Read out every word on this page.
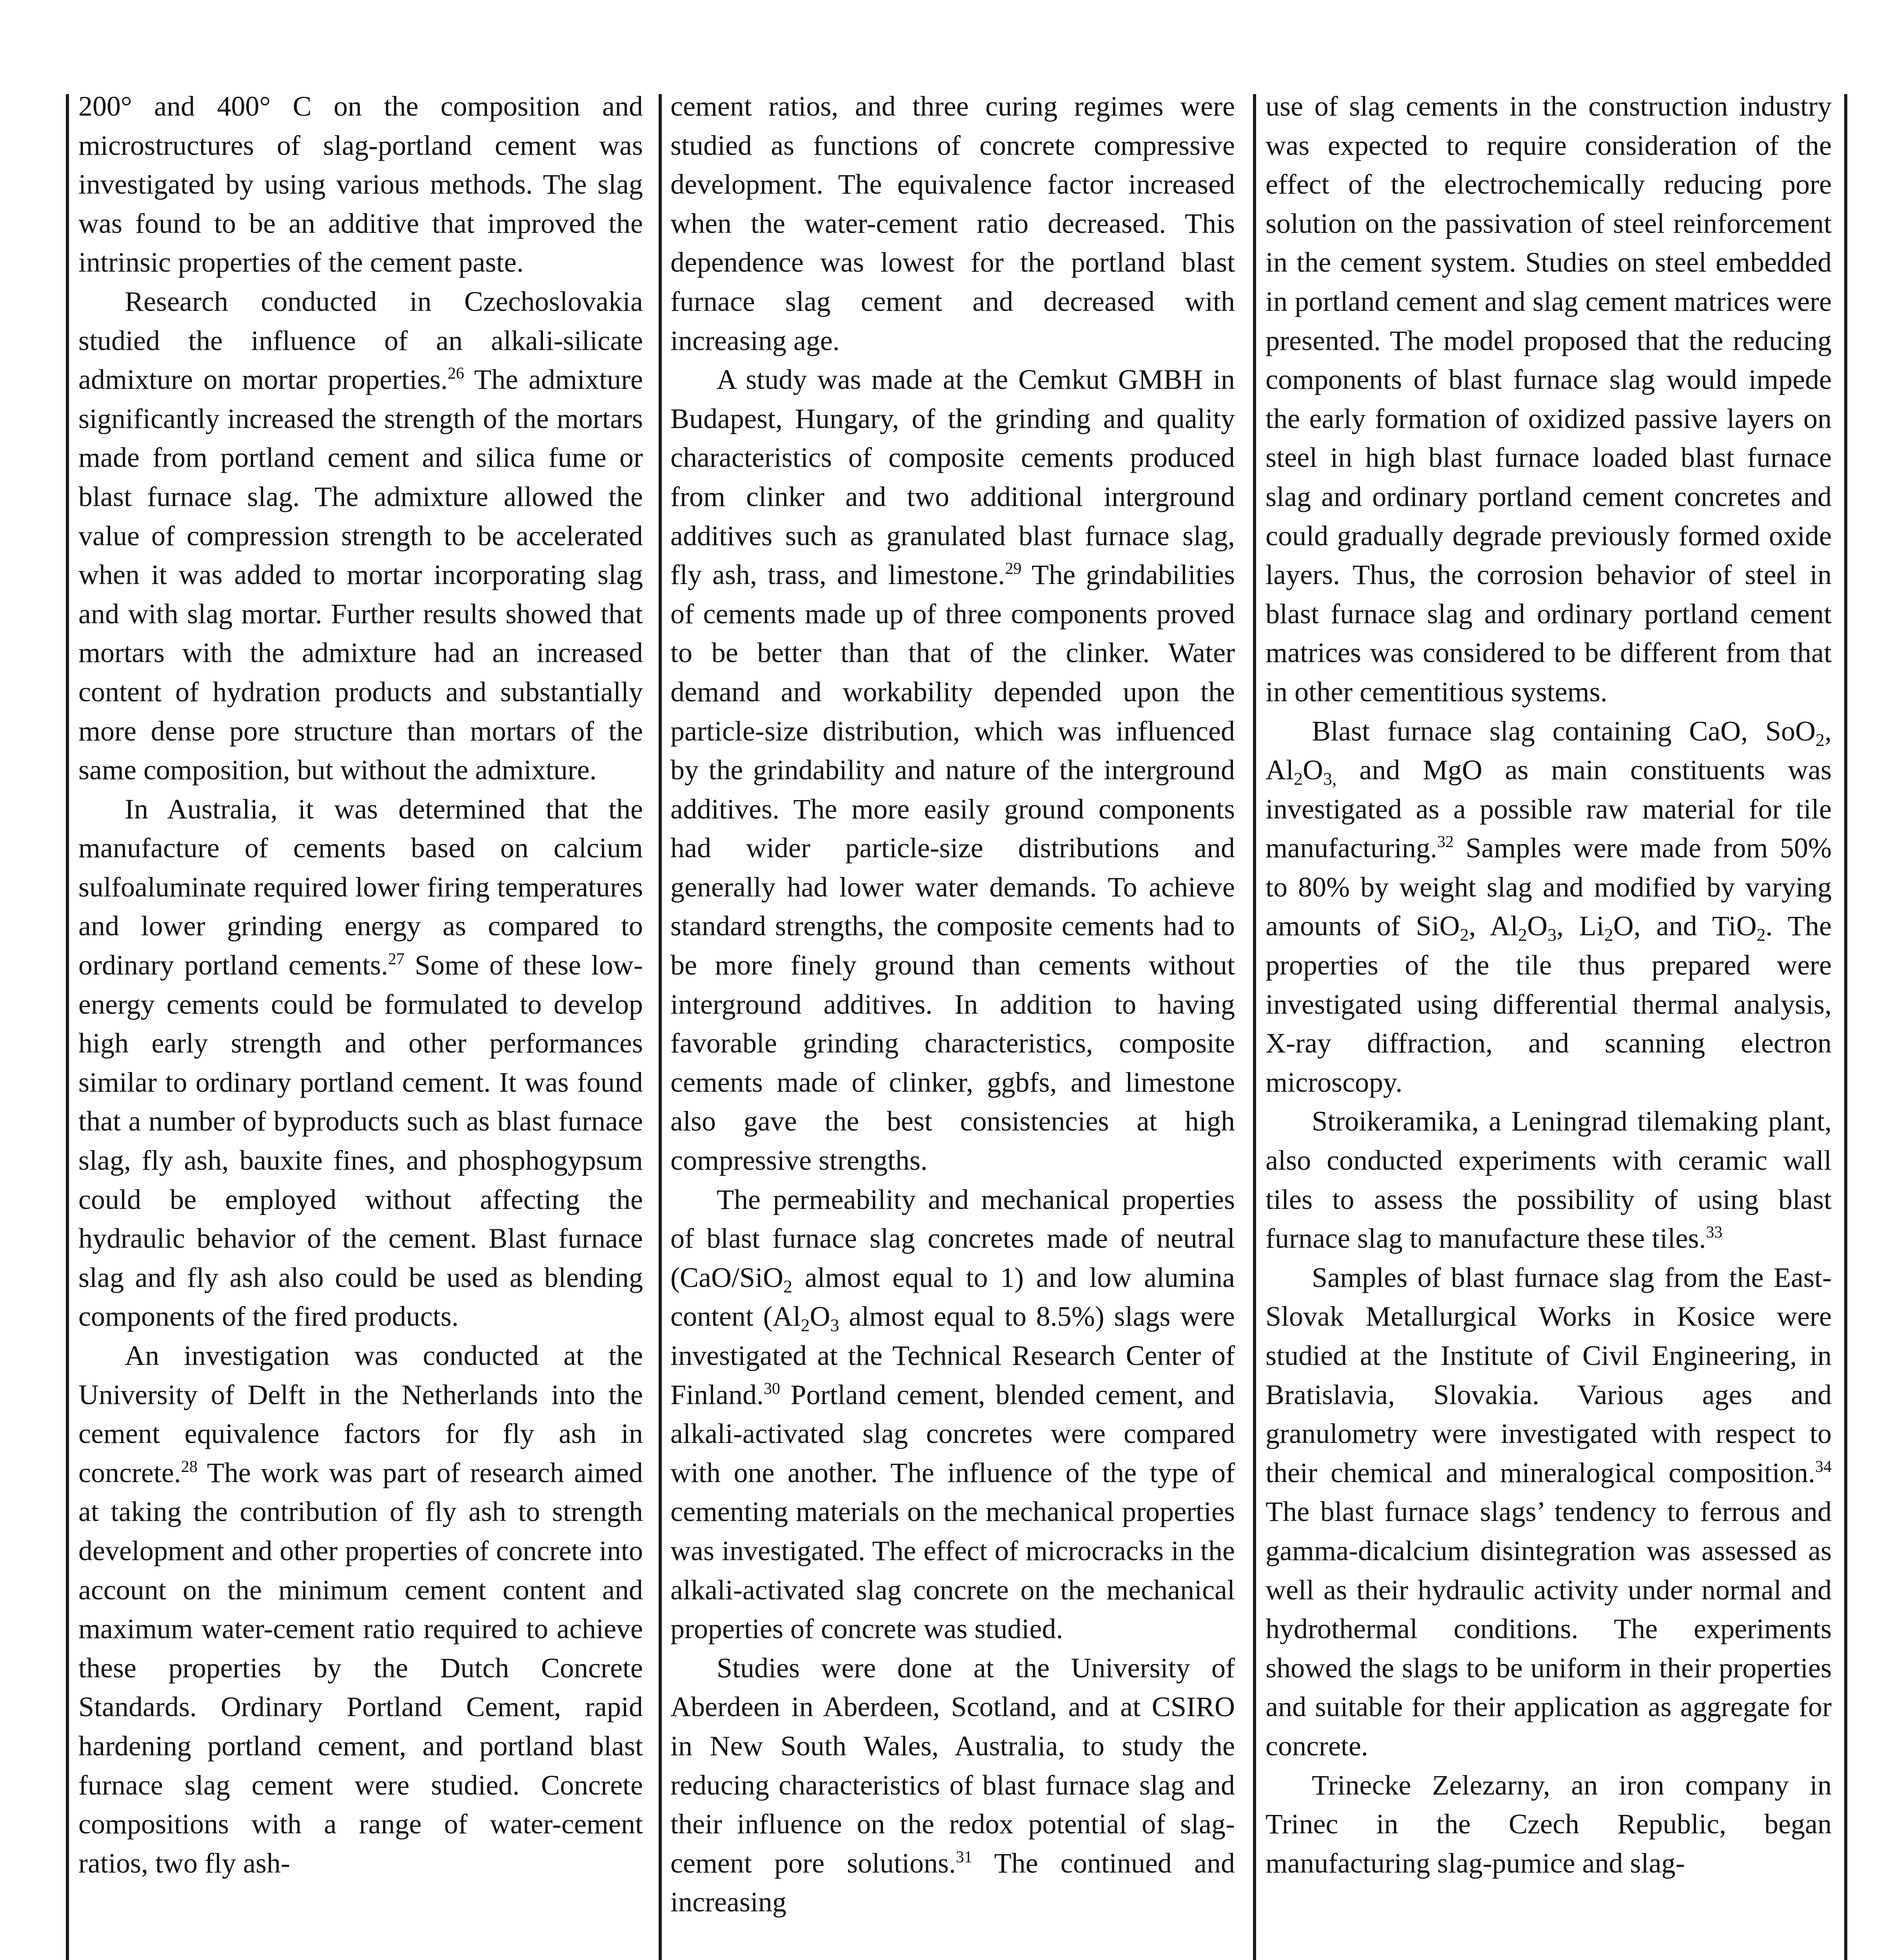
200° and 400° C on the composition and microstructures of slag-portland cement was investigated by using various methods. The slag was found to be an additive that improved the intrinsic properties of the cement paste.

Research conducted in Czechoslovakia studied the influence of an alkali-silicate admixture on mortar properties.$^{26}$ The admixture significantly increased the strength of the mortars made from portland cement and silica fume or blast furnace slag. The admixture allowed the value of compression strength to be accelerated when it was added to mortar incorporating slag and with slag mortar. Further results showed that mortars with the admixture had an increased content of hydration products and substantially more dense pore structure than mortars of the same composition, but without the admixture.

In Australia, it was determined that the manufacture of cements based on calcium sulfoaluminate required lower firing temperatures and lower grinding energy as compared to ordinary portland cements.$^{27}$ Some of these low-energy cements could be formulated to develop high early strength and other performances similar to ordinary portland cement. It was found that a number of byproducts such as blast furnace slag, fly ash, bauxite fines, and phosphogypsum could be employed without affecting the hydraulic behavior of the cement. Blast furnace slag and fly ash also could be used as blending components of the fired products.

An investigation was conducted at the University of Delft in the Netherlands into the cement equivalence factors for fly ash in concrete.$^{28}$ The work was part of research aimed at taking the contribution of fly ash to strength development and other properties of concrete into account on the minimum cement content and maximum water-cement ratio required to achieve these properties by the Dutch Concrete Standards. Ordinary Portland Cement, rapid hardening portland cement, and portland blast furnace slag cement were studied. Concrete compositions with a range of water-cement ratios, two fly ash-

cement ratios, and three curing regimes were studied as functions of concrete compressive development. The equivalence factor increased when the water-cement ratio decreased. This dependence was lowest for the portland blast furnace slag cement and decreased with increasing age.

A study was made at the Cemkut GMBH in Budapest, Hungary, of the grinding and quality characteristics of composite cements produced from clinker and two additional interground additives such as granulated blast furnace slag, fly ash, trass, and limestone.$^{29}$ The grindabilities of cements made up of three components proved to be better than that of the clinker. Water demand and workability depended upon the particle-size distribution, which was influenced by the grindability and nature of the interground additives. The more easily ground components had wider particle-size distributions and generally had lower water demands. To achieve standard strengths, the composite cements had to be more finely ground than cements without interground additives. In addition to having favorable grinding characteristics, composite cements made of clinker, ggbfs, and limestone also gave the best consistencies at high compressive strengths.

The permeability and mechanical properties of blast furnace slag concretes made of neutral (CaO/SiO$_2$ almost equal to 1) and low alumina content ($Al_2O_3$ almost equal to 8.5%) slags were investigated at the Technical Research Center of Finland.$^{30}$ Portland cement, blended cement, and alkali-activated slag concretes were compared with one another. The influence of the type of cementing materials on the mechanical properties was investigated. The effect of microcracks in the alkali-activated slag concrete on the mechanical properties of concrete was studied.

Studies were done at the University of Aberdeen in Aberdeen, Scotland, and at CSIRO in New South Wales, Australia, to study the reducing characteristics of blast furnace slag and their influence on the redox potential of slag-cement pore solutions.$^{31}$ The continued and increasing

use of slag cements in the construction industry was expected to require consideration of the effect of the electrochemically reducing pore solution on the passivation of steel reinforcement in the cement system. Studies on steel embedded in portland cement and slag cement matrices were presented. The model proposed that the reducing components of blast furnace slag would impede the early formation of oxidized passive layers on steel in high blast furnace loaded blast furnace slag and ordinary portland cement concretes and could gradually degrade previously formed oxide layers. Thus, the corrosion behavior of steel in blast furnace slag and ordinary portland cement matrices was considered to be different from that in other cementitious systems.

Blast furnace slag containing CaO, SoO$_2$, $Al_2O_{3,}$ and MgO as main constituents was investigated as a possible raw material for tile manufacturing.$^{32}$ Samples were made from 50% to 80% by weight slag and modified by varying amounts of SiO$_2$, $Al_2O_3$, $Li_2O$, and TiO$_2$. The properties of the tile thus prepared were investigated using differential thermal analysis, X-ray diffraction, and scanning electron microscopy.

Stroikeramika, a Leningrad tilemaking plant, also conducted experiments with ceramic wall tiles to assess the possibility of using blast furnace slag to manufacture these tiles.$^{33}$

Samples of blast furnace slag from the East-Slovak Metallurgical Works in Kosice were studied at the Institute of Civil Engineering, in Bratislavia, Slovakia. Various ages and granulometry were investigated with respect to their chemical and mineralogical composition.$^{34}$ The blast furnace slags’ tendency to ferrous and gamma-dicalcium disintegration was assessed as well as their hydraulic activity under normal and hydrothermal conditions. The experiments showed the slags to be uniform in their properties and suitable for their application as aggregate for concrete.

Trinecke Zelezarny, an iron company in Trinec in the Czech Republic, began manufacturing slag-pumice and slag-
